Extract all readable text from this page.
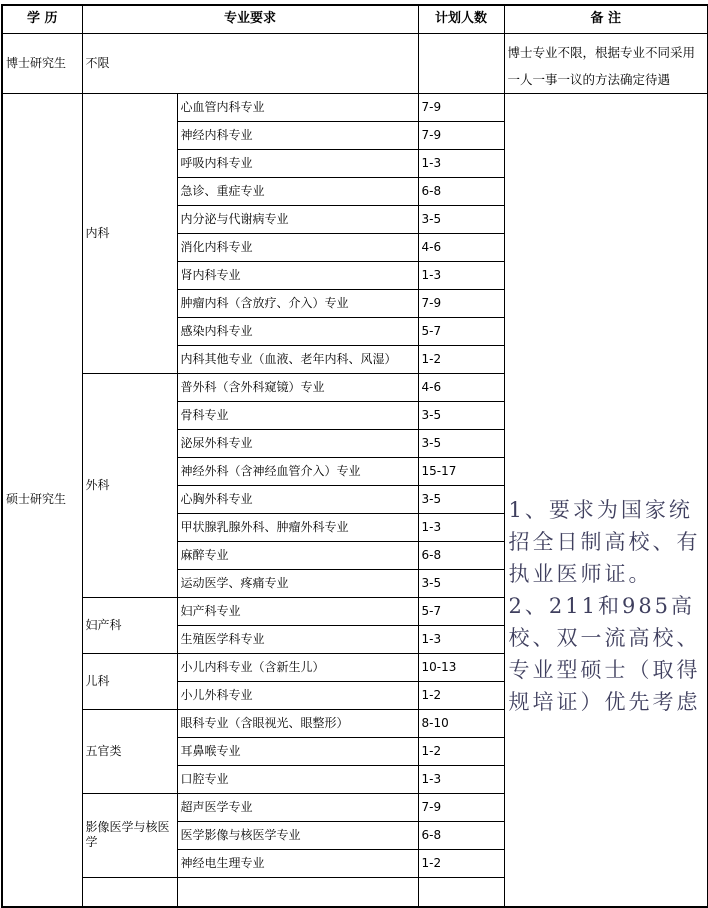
学 历	专业要求		计划人数	备 注
博士研究生	不限			博士专业不限，根据专业不同采用一人一事一议的方法确定待遇
硕士研究生	内科	心血管内科专业	7-9	1、要求为国家统招全日制高校、有执业医师证。

2、211和985高校、双一流高校、专业型硕士（取得规培证）优先考虑

		神经内科专业	7-9	
		呼吸内科专业	1-3	
		急诊、重症专业	6-8	
		内分泌与代谢病专业	3-5	
		消化内科专业	4-6	
		肾内科专业	1-3	
		肿瘤内科（含放疗、介入）专业	7-9	
		感染内科专业	5-7	
		内科其他专业（血液、老年内科、风湿）	1-2	
	外科	普外科（含外科窥镜）专业	4-6	
		骨科专业	3-5	
		泌尿外科专业	3-5	
		神经外科（含神经血管介入）专业	15-17	
		心胸外科专业	3-5	
		甲状腺乳腺外科、肿瘤外科专业	1-3	
		麻醉专业	6-8	
		运动医学、疼痛专业	3-5	
	妇产科	妇产科专业	5-7	
		生殖医学科专业	1-3	
	儿科	小儿内科专业（含新生儿）	10-13	
		小儿外科专业	1-2	
	五官类	眼科专业（含眼视光、眼整形）	8-10	
		耳鼻喉专业	1-2	
		口腔专业	1-3	
	影像医学与核医学	超声医学专业	7-9	
		医学影像与核医学专业	6-8	
		神经电生理专业	1-2	
